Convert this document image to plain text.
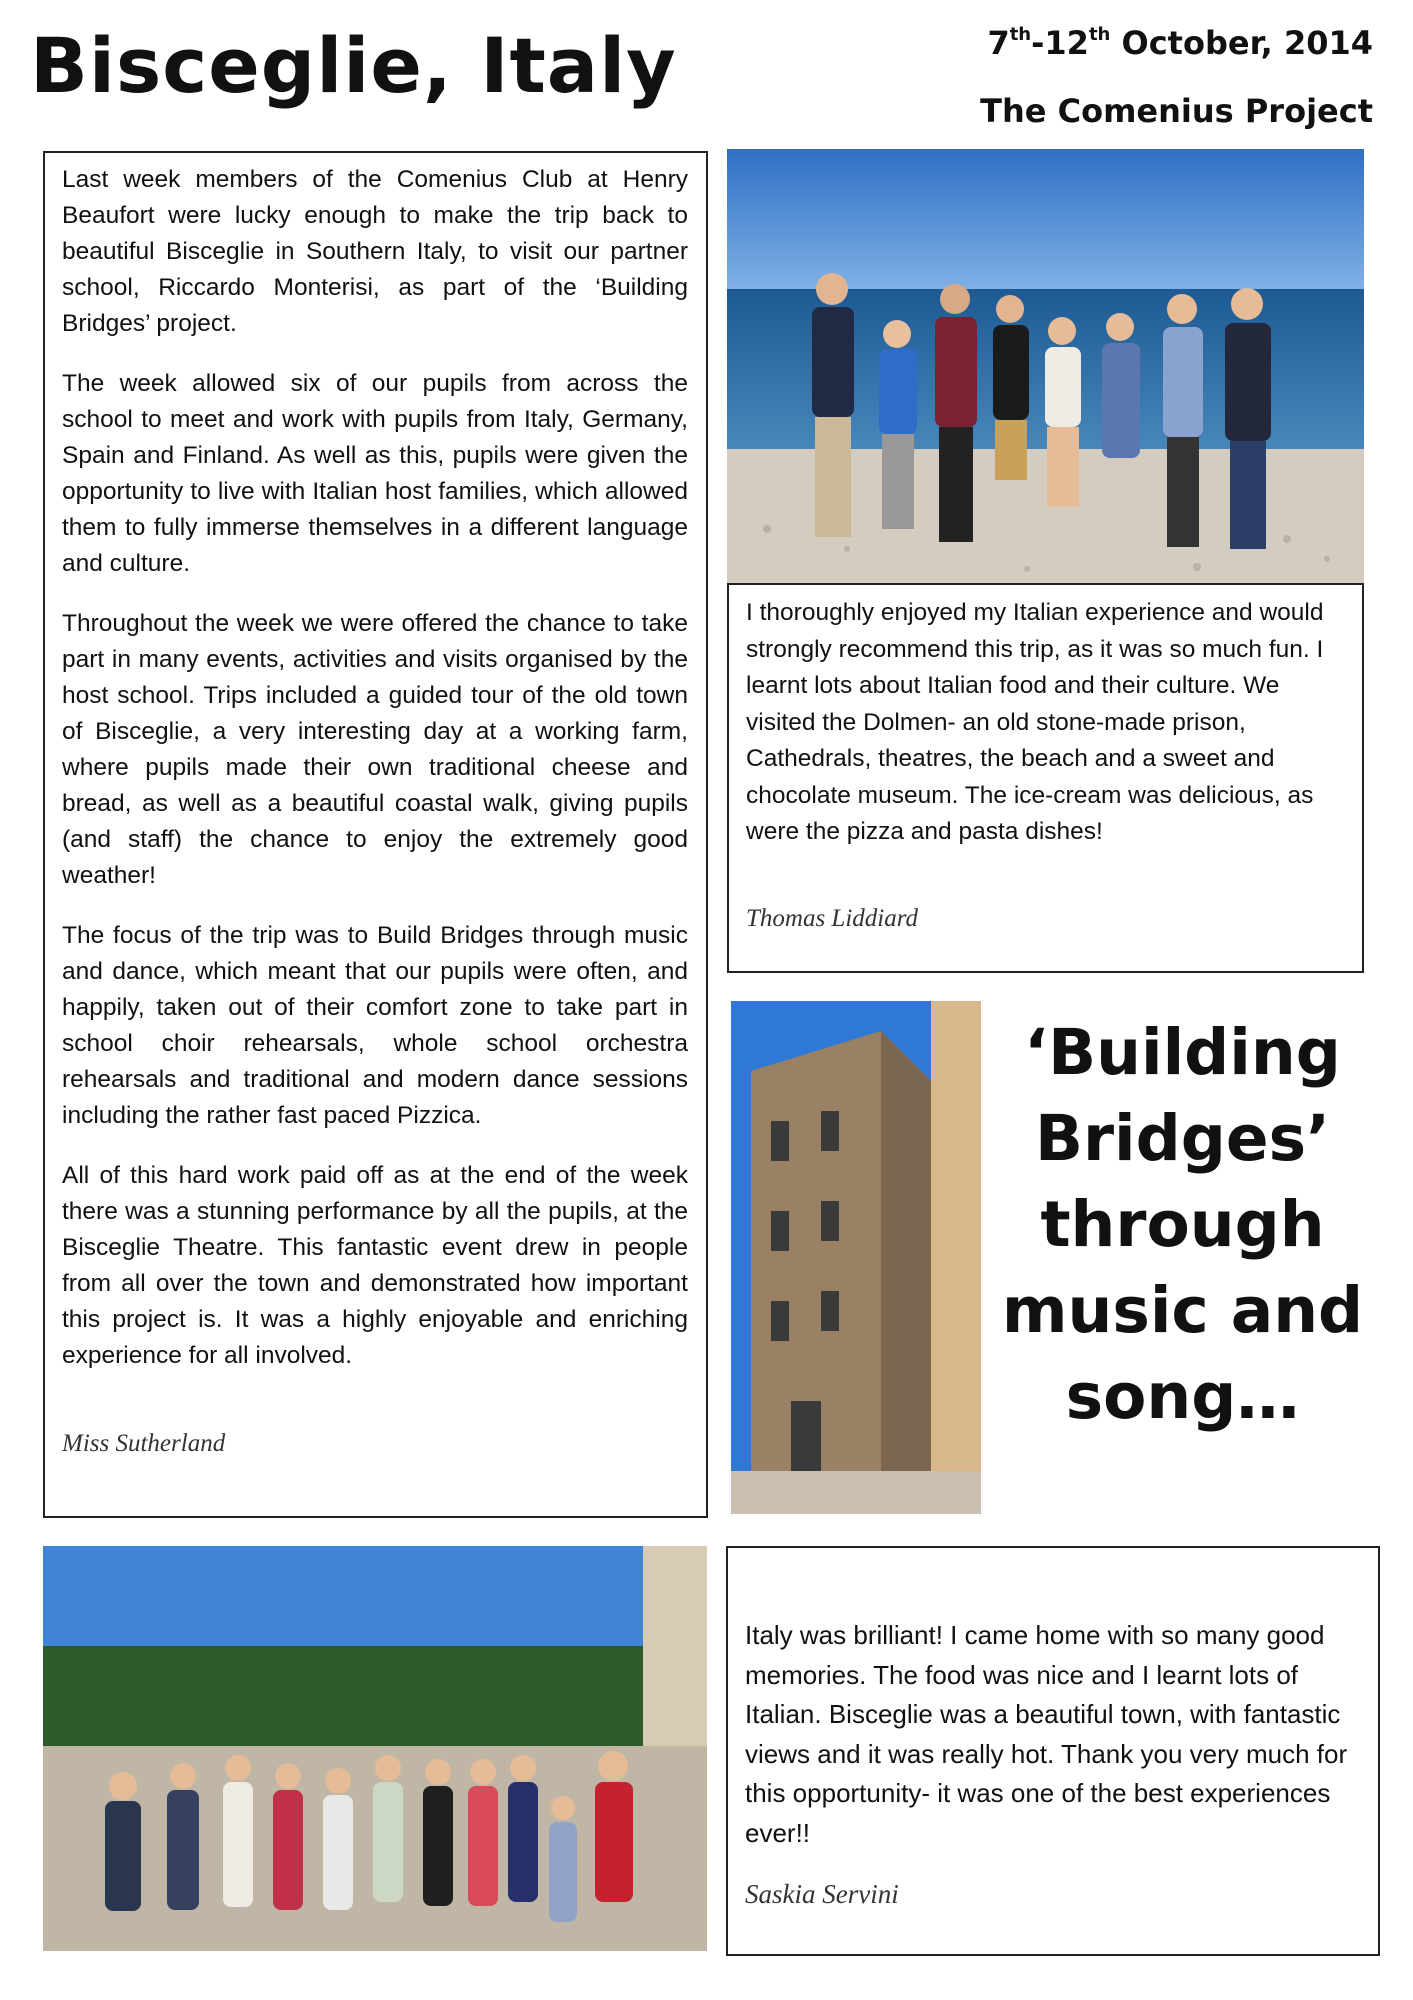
Bisceglie, Italy	7th-12th October, 2014
The Comenius Project

Last week members of the Comenius Club at Henry Beaufort were lucky enough to make the trip back to beautiful Bisceglie in Southern Italy, to visit our partner school, Riccardo Monterisi, as part of the ‘Building Bridges’ project.

The week allowed six of our pupils from across the school to meet and work with pupils from Italy, Germany, Spain and Finland. As well as this, pupils were given the opportunity to live with Italian host families, which allowed them to fully immerse themselves in a different language and culture.

Throughout the week we were offered the chance to take part in many events, activities and visits organised by the host school. Trips included a guided tour of the old town of Bisceglie, a very interesting day at a working farm, where pupils made their own traditional cheese and bread, as well as a beautiful coastal walk, giving pupils (and staff) the chance to enjoy the extremely good weather!

The focus of the trip was to Build Bridges through music and dance, which meant that our pupils were often, and happily, taken out of their comfort zone to take part in school choir rehearsals, whole school orchestra rehearsals and traditional and modern dance sessions including the rather fast paced Pizzica.

All of this hard work paid off as at the end of the week there was a stunning performance by all the pupils, at the Bisceglie Theatre. This fantastic event drew in people from all over the town and demonstrated how important this project is. It was a highly enjoyable and enriching experience for all involved.

Miss Sutherland

I thoroughly enjoyed my Italian experience and would strongly recommend this trip, as it was so much fun. I learnt lots about Italian food and their culture. We visited the Dolmen- an old stone-made prison, Cathedrals, theatres, the beach and a sweet and chocolate museum. The ice-cream was delicious, as were the pizza and pasta dishes!

Thomas Liddiard
‘Building
Bridges’
through
music and
song…

Italy was brilliant! I came home with so many good memories. The food was nice and I learnt lots of Italian. Bisceglie was a beautiful town, with fantastic views and it was really hot. Thank you very much for this opportunity- it was one of the best experiences ever!!

Saskia Servini
